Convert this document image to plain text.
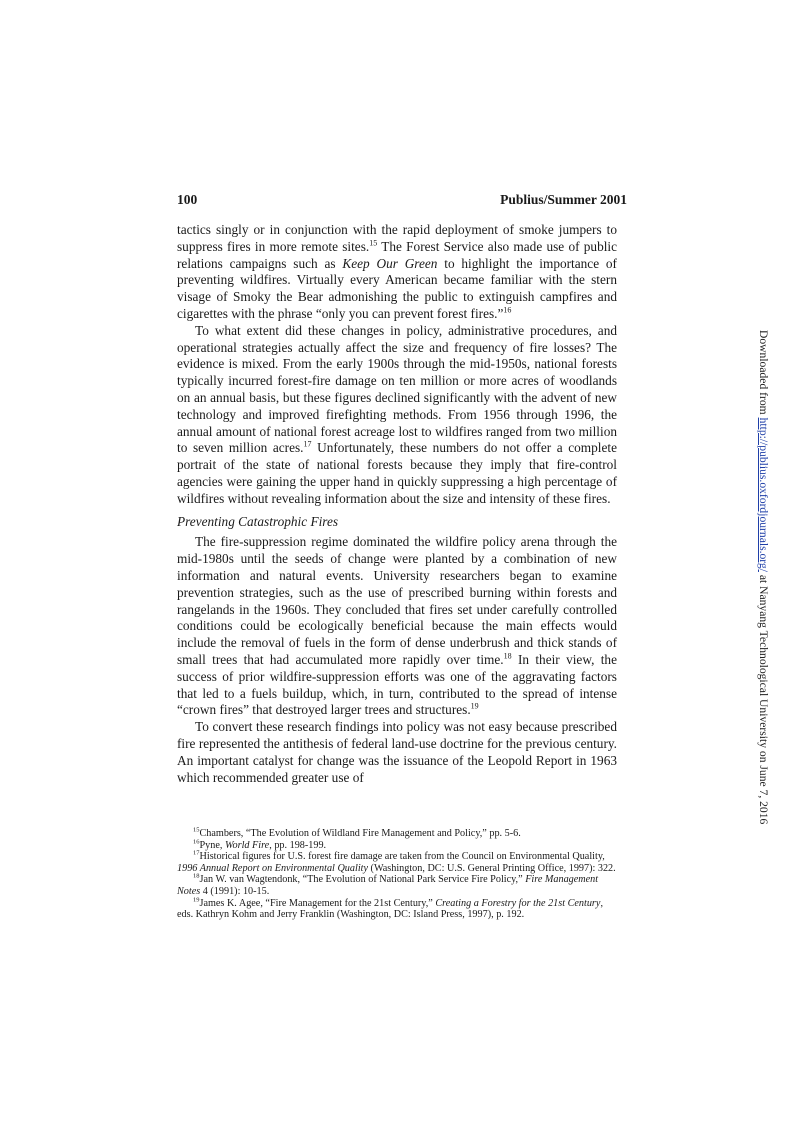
100	Publius/Summer 2001

tactics singly or in conjunction with the rapid deployment of smoke jumpers to suppress fires in more remote sites.$^{15}$ The Forest Service also made use of public relations campaigns such as Keep Our Green to highlight the importance of preventing wildfires. Virtually every American became familiar with the stern visage of Smoky the Bear admonishing the public to extinguish campfires and cigarettes with the phrase “only you can prevent forest fires.”$^{16}$

To what extent did these changes in policy, administrative procedures, and operational strategies actually affect the size and frequency of fire losses? The evidence is mixed. From the early 1900s through the mid-1950s, national forests typically incurred forest-fire damage on ten million or more acres of woodlands on an annual basis, but these figures declined significantly with the advent of new technology and improved firefighting methods. From 1956 through 1996, the annual amount of national forest acreage lost to wildfires ranged from two million to seven million acres.$^{17}$ Unfortunately, these numbers do not offer a complete portrait of the state of national forests because they imply that fire-control agencies were gaining the upper hand in quickly suppressing a high percentage of wildfires without revealing information about the size and intensity of these fires.

Preventing Catastrophic Fires

The fire-suppression regime dominated the wildfire policy arena through the mid-1980s until the seeds of change were planted by a combination of new information and natural events. University researchers began to examine prevention strategies, such as the use of prescribed burning within forests and rangelands in the 1960s. They concluded that fires set under carefully controlled conditions could be ecologically beneficial because the main effects would include the removal of fuels in the form of dense underbrush and thick stands of small trees that had accumulated more rapidly over time.$^{18}$ In their view, the success of prior wildfire-suppression efforts was one of the aggravating factors that led to a fuels buildup, which, in turn, contributed to the spread of intense “crown fires” that destroyed larger trees and structures.$^{19}$

To convert these research findings into policy was not easy because prescribed fire represented the antithesis of federal land-use doctrine for the previous century. An important catalyst for change was the issuance of the Leopold Report in 1963 which recommended greater use of

$^{15}$Chambers, “The Evolution of Wildland Fire Management and Policy,” pp. 5-6.

$^{16}$Pyne, World Fire, pp. 198-199.

$^{17}$Historical figures for U.S. forest fire damage are taken from the Council on Environmental Quality, 1996 Annual Report on Environmental Quality (Washington, DC: U.S. General Printing Office, 1997): 322.

$^{18}$Jan W. van Wagtendonk, “The Evolution of National Park Service Fire Policy,” Fire Management Notes 4 (1991): 10-15.

$^{19}$James K. Agee, “Fire Management for the 21st Century,” Creating a Forestry for the 21st Century, eds. Kathryn Kohm and Jerry Franklin (Washington, DC: Island Press, 1997), p. 192.

Downloaded from http://publius.oxfordjournals.org/ at Nanyang Technological University on June 7, 2016
